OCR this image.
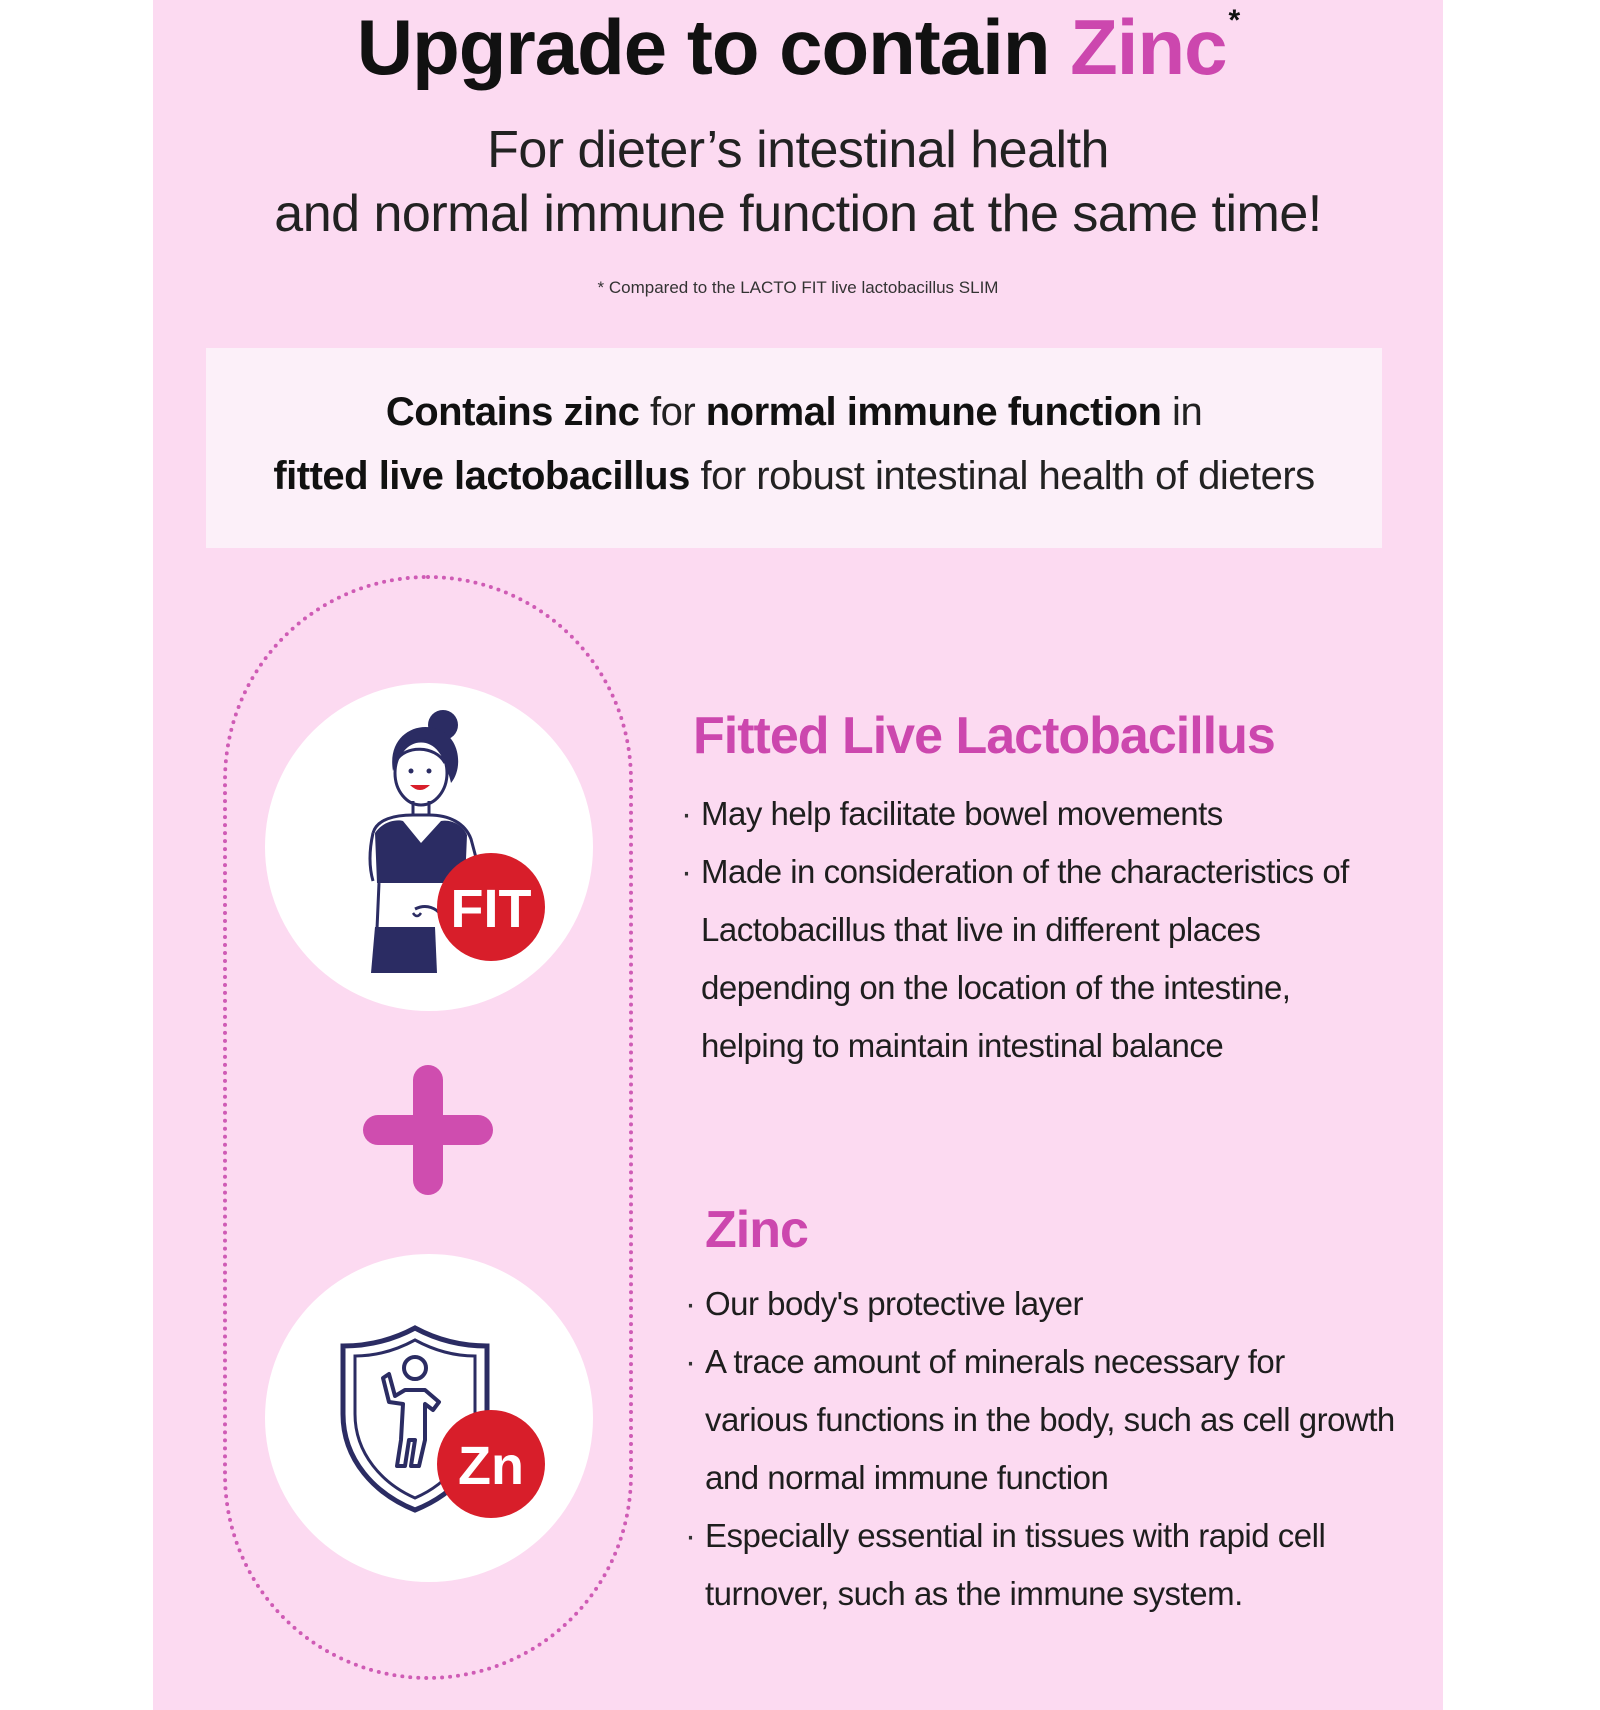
Upgrade to contain Zinc*
For dieter’s intestinal health
and normal immune function at the same time!
* Compared to the LACTO FIT live lactobacillus SLIM
Contains zinc for normal immune function in
fitted live lactobacillus for robust intestinal health of dieters
FIT
Zn
Fitted Live Lactobacillus
· May help facilitate bowel movements
· Made in consideration of the characteristics of Lactobacillus that live in different places depending on the location of the intestine, helping to maintain intestinal balance
Zinc
· Our body's protective layer
· A trace amount of minerals necessary for various functions in the body, such as cell growth and normal immune function
· Especially essential in tissues with rapid cell turnover, such as the immune system.
